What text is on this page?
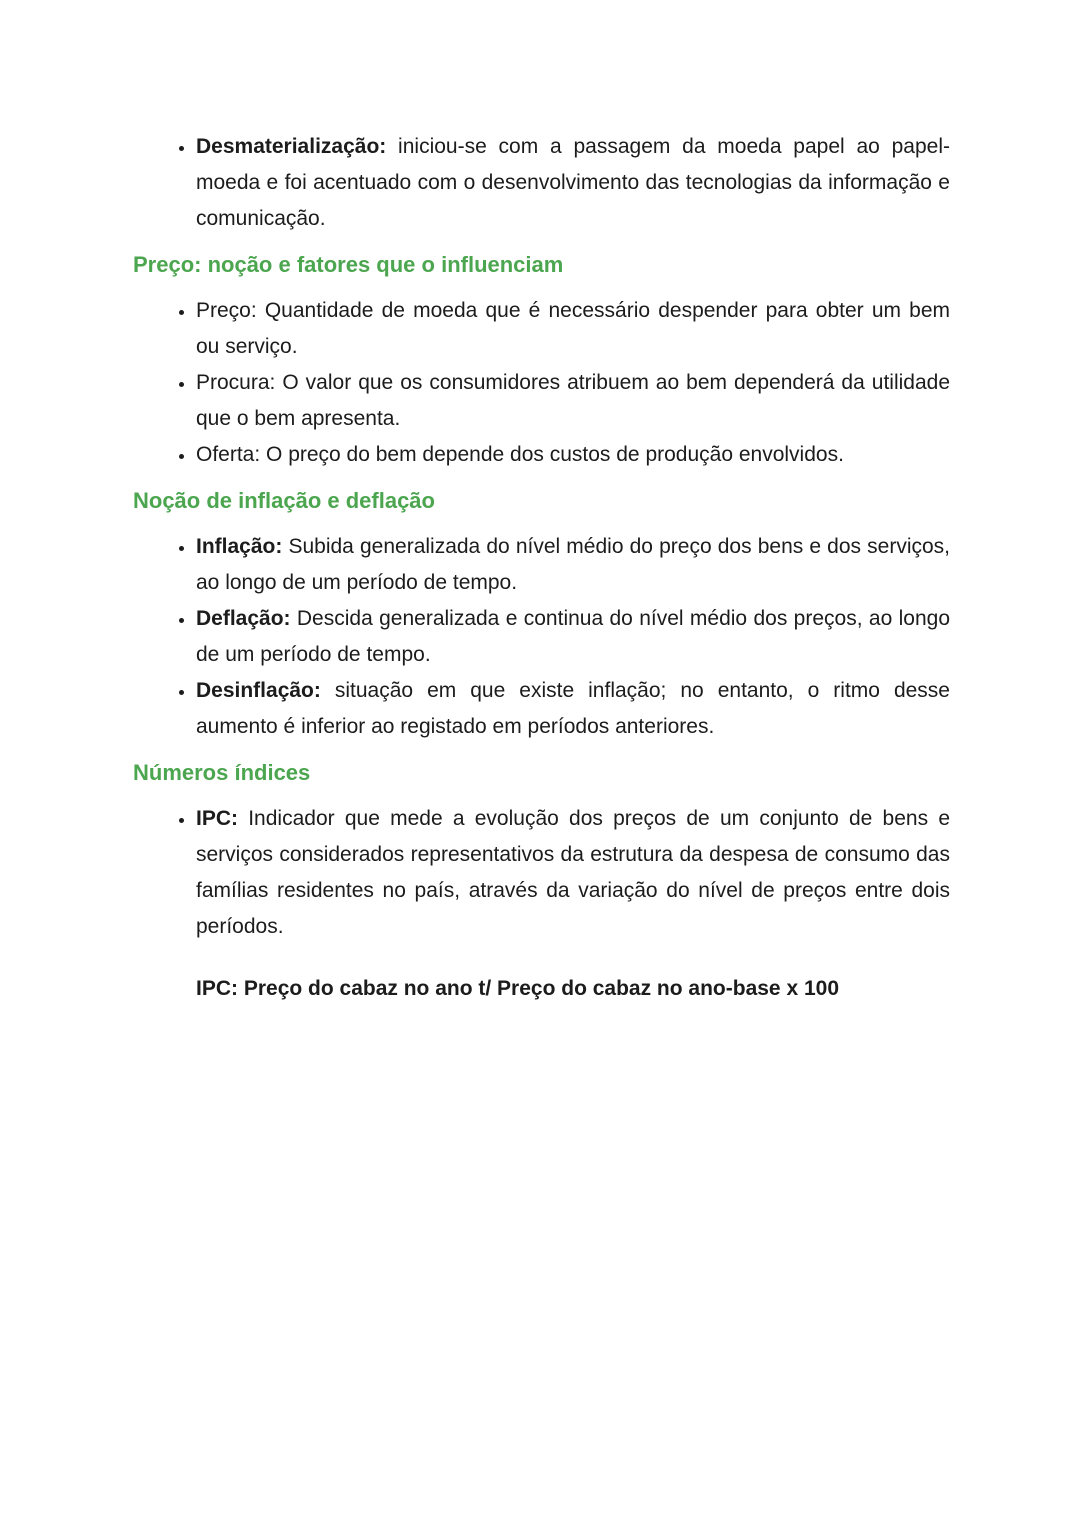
• Desmaterialização: iniciou-se com a passagem da moeda papel ao papel-moeda e foi acentuado com o desenvolvimento das tecnologias da informação e comunicação.
Preço: noção e fatores que o influenciam
• Preço: Quantidade de moeda que é necessário despender para obter um bem ou serviço.
• Procura: O valor que os consumidores atribuem ao bem dependerá da utilidade que o bem apresenta.
• Oferta: O preço do bem depende dos custos de produção envolvidos.
Noção de inflação e deflação
• Inflação: Subida generalizada do nível médio do preço dos bens e dos serviços, ao longo de um período de tempo.
• Deflação: Descida generalizada e continua do nível médio dos preços, ao longo de um período de tempo.
• Desinflação: situação em que existe inflação; no entanto, o ritmo desse aumento é inferior ao registado em períodos anteriores.
Números índices
• IPC: Indicador que mede a evolução dos preços de um conjunto de bens e serviços considerados representativos da estrutura da despesa de consumo das famílias residentes no país, através da variação do nível de preços entre dois períodos.

IPC: Preço do cabaz no ano t/ Preço do cabaz no ano-base x 100
